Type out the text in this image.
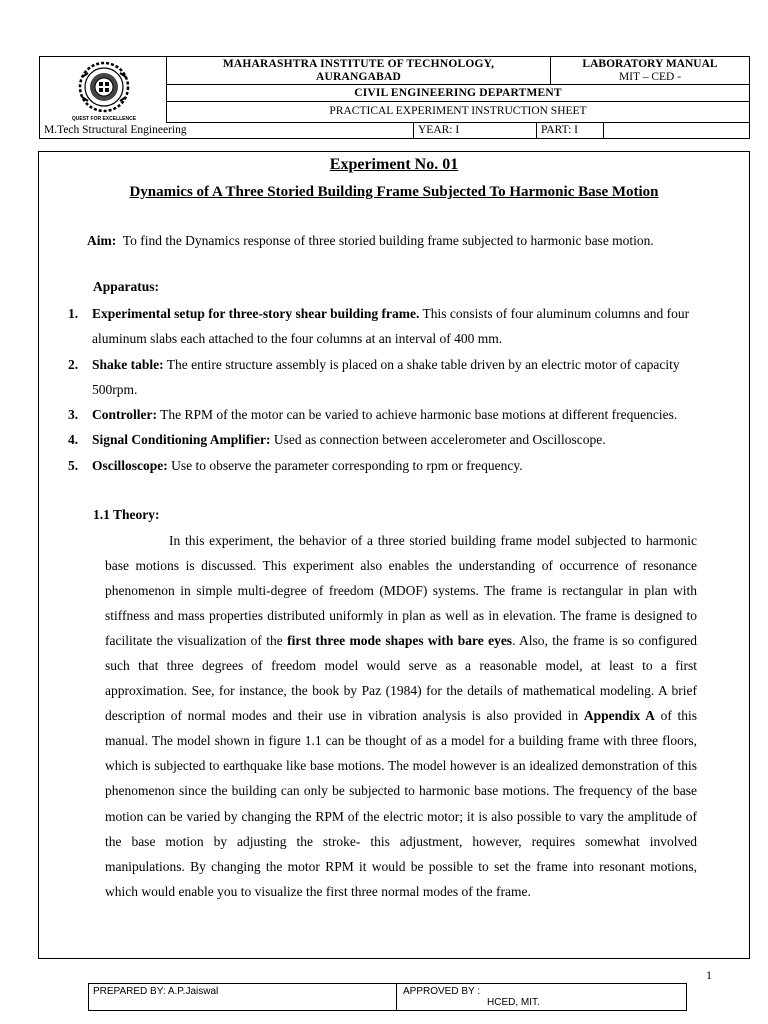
QUEST FOR EXCELLENCE
MAHARASHTRA INSTITUTE OF TECHNOLOGY,
AURANGABAD
LABORATORY MANUAL
MIT – CED -
CIVIL ENGINEERING DEPARTMENT
PRACTICAL EXPERIMENT INSTRUCTION SHEET
M.Tech Structural Engineering	YEAR: I	PART: I
Experiment No. 01
Dynamics of A Three Storied Building Frame Subjected To Harmonic Base Motion
Aim: To find the Dynamics response of three storied building frame subjected to harmonic base motion.
Apparatus:
1. Experimental setup for three-story shear building frame. This consists of four aluminum columns and four aluminum slabs each attached to the four columns at an interval of 400 mm.
2. Shake table: The entire structure assembly is placed on a shake table driven by an electric motor of capacity 500rpm.
3. Controller: The RPM of the motor can be varied to achieve harmonic base motions at different frequencies.
4. Signal Conditioning Amplifier: Used as connection between accelerometer and Oscilloscope.
5. Oscilloscope: Use to observe the parameter corresponding to rpm or frequency.
1.1 Theory:
In this experiment, the behavior of a three storied building frame model subjected to harmonic base motions is discussed. This experiment also enables the understanding of occurrence of resonance phenomenon in simple multi-degree of freedom (MDOF) systems. The frame is rectangular in plan with stiffness and mass properties distributed uniformly in plan as well as in elevation. The frame is designed to facilitate the visualization of the first three mode shapes with bare eyes. Also, the frame is so configured such that three degrees of freedom model would serve as a reasonable model, at least to a first approximation. See, for instance, the book by Paz (1984) for the details of mathematical modeling. A brief description of normal modes and their use in vibration analysis is also provided in Appendix A of this manual. The model shown in figure 1.1 can be thought of as a model for a building frame with three floors, which is subjected to earthquake like base motions. The model however is an idealized demonstration of this phenomenon since the building can only be subjected to harmonic base motions. The frequency of the base motion can be varied by changing the RPM of the electric motor; it is also possible to vary the amplitude of the base motion by adjusting the stroke- this adjustment, however, requires somewhat involved manipulations. By changing the motor RPM it would be possible to set the frame into resonant motions, which would enable you to visualize the first three normal modes of the frame.
1
PREPARED BY: A.P.Jaiswal	APPROVED BY :
HCED, MIT.
